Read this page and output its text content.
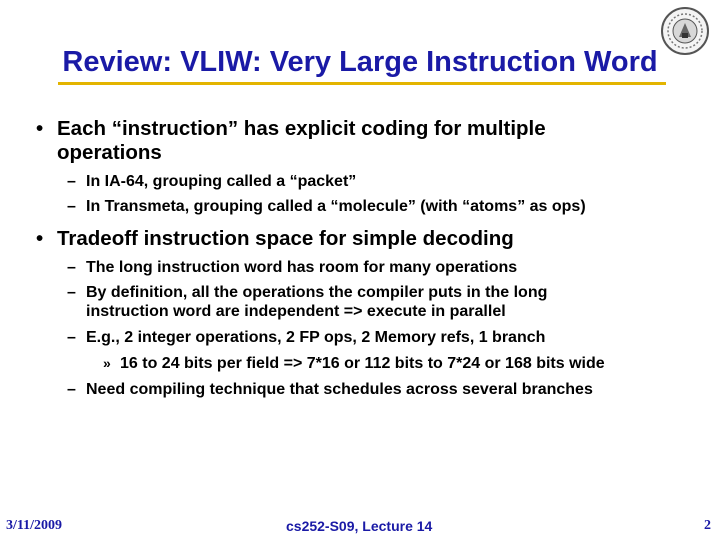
Review: VLIW: Very Large Instruction Word
• Each “instruction” has explicit coding for multiple
operations
– In IA-64, grouping called a “packet”
– In Transmeta, grouping called a “molecule” (with “atoms” as ops)
• Tradeoff instruction space for simple decoding
– The long instruction word has room for many operations
– By definition, all the operations the compiler puts in the long
instruction word are independent => execute in parallel
– E.g., 2 integer operations, 2 FP ops, 2 Memory refs, 1 branch
» 16 to 24 bits per field => 7*16 or 112 bits to 7*24 or 168 bits wide
– Need compiling technique that schedules across several branches
3/11/2009	cs252-S09, Lecture 14	2
